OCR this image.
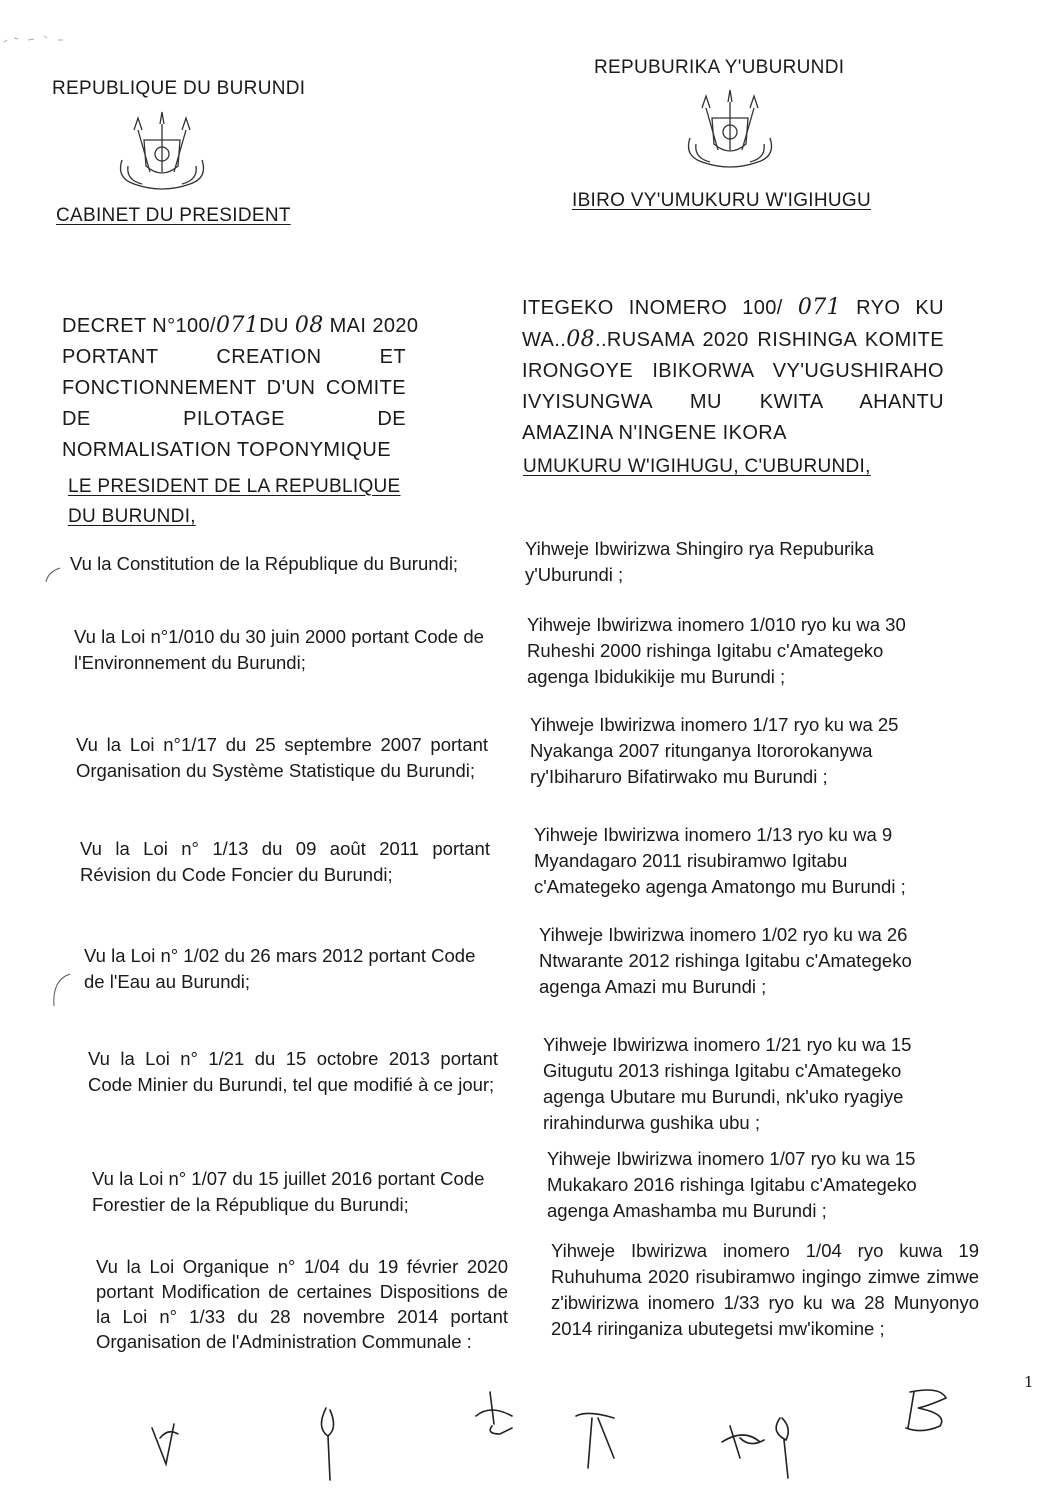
REPUBLIQUE DU BURUNDI
CABINET DU PRESIDENT
REPUBURIKA Y'UBURUNDI
IBIRO VY'UMUKURU W'IGIHUGU
DECRET N°100/071DU 08 MAI 2020
PORTANT CREATION ET FONCTIONNEMENT D'UN COMITE DE PILOTAGE DE NORMALISATION TOPONYMIQUE
ITEGEKO INOMERO 100/ 071 RYO KU
WA..08..RUSAMA 2020 RISHINGA KOMITE IRONGOYE IBIKORWA VY'UGUSHIRAHO IVYISUNGWA MU KWITA AHANTU AMAZINA N'INGENE IKORA
LE PRESIDENT DE LA REPUBLIQUE DU BURUNDI,
UMUKURU W'IGIHUGU, C'UBURUNDI,
Vu la Constitution de la République du Burundi;
Vu la Loi n°1/010 du 30 juin 2000 portant Code de l'Environnement du Burundi;
Vu la Loi n°1/17 du 25 septembre 2007 portant Organisation du Système Statistique du Burundi;
Vu la Loi n° 1/13 du 09 août 2011 portant Révision du Code Foncier du Burundi;
Vu la Loi n° 1/02 du 26 mars 2012 portant Code de l'Eau au Burundi;
Vu la Loi n° 1/21 du 15 octobre 2013 portant Code Minier du Burundi, tel que modifié à ce jour;
Vu la Loi n° 1/07 du 15 juillet 2016 portant Code Forestier de la République du Burundi;
Vu la Loi Organique n° 1/04 du 19 février 2020 portant Modification de certaines Dispositions de la Loi n° 1/33 du 28 novembre 2014 portant Organisation de l'Administration Communale :
Yihweje Ibwirizwa Shingiro rya Repuburika y'Uburundi ;
Yihweje Ibwirizwa inomero 1/010 ryo ku wa 30 Ruheshi 2000 rishinga Igitabu c'Amategeko agenga Ibidukikije mu Burundi ;
Yihweje Ibwirizwa inomero 1/17 ryo ku wa 25 Nyakanga 2007 ritunganya Itororokanywa ry'Ibiharuro Bifatirwako mu Burundi ;
Yihweje Ibwirizwa inomero 1/13 ryo ku wa 9 Myandagaro 2011 risubiramwo Igitabu c'Amategeko agenga Amatongo mu Burundi ;
Yihweje Ibwirizwa inomero 1/02 ryo ku wa 26 Ntwarante 2012 rishinga Igitabu c'Amategeko agenga Amazi mu Burundi ;
Yihweje Ibwirizwa inomero 1/21 ryo ku wa 15 Gitugutu 2013 rishinga Igitabu c'Amategeko agenga Ubutare mu Burundi, nk'uko ryagiye rirahindurwa gushika ubu ;
Yihweje Ibwirizwa inomero 1/07 ryo ku wa 15 Mukakaro 2016 rishinga Igitabu c'Amategeko agenga Amashamba mu Burundi ;
Yihweje Ibwirizwa inomero 1/04 ryo kuwa 19 Ruhuhuma 2020 risubiramwo ingingo zimwe zimwe z'ibwirizwa inomero 1/33 ryo ku wa 28 Munyonyo 2014 riringaniza ubutegetsi mw'ikomine ;
1
